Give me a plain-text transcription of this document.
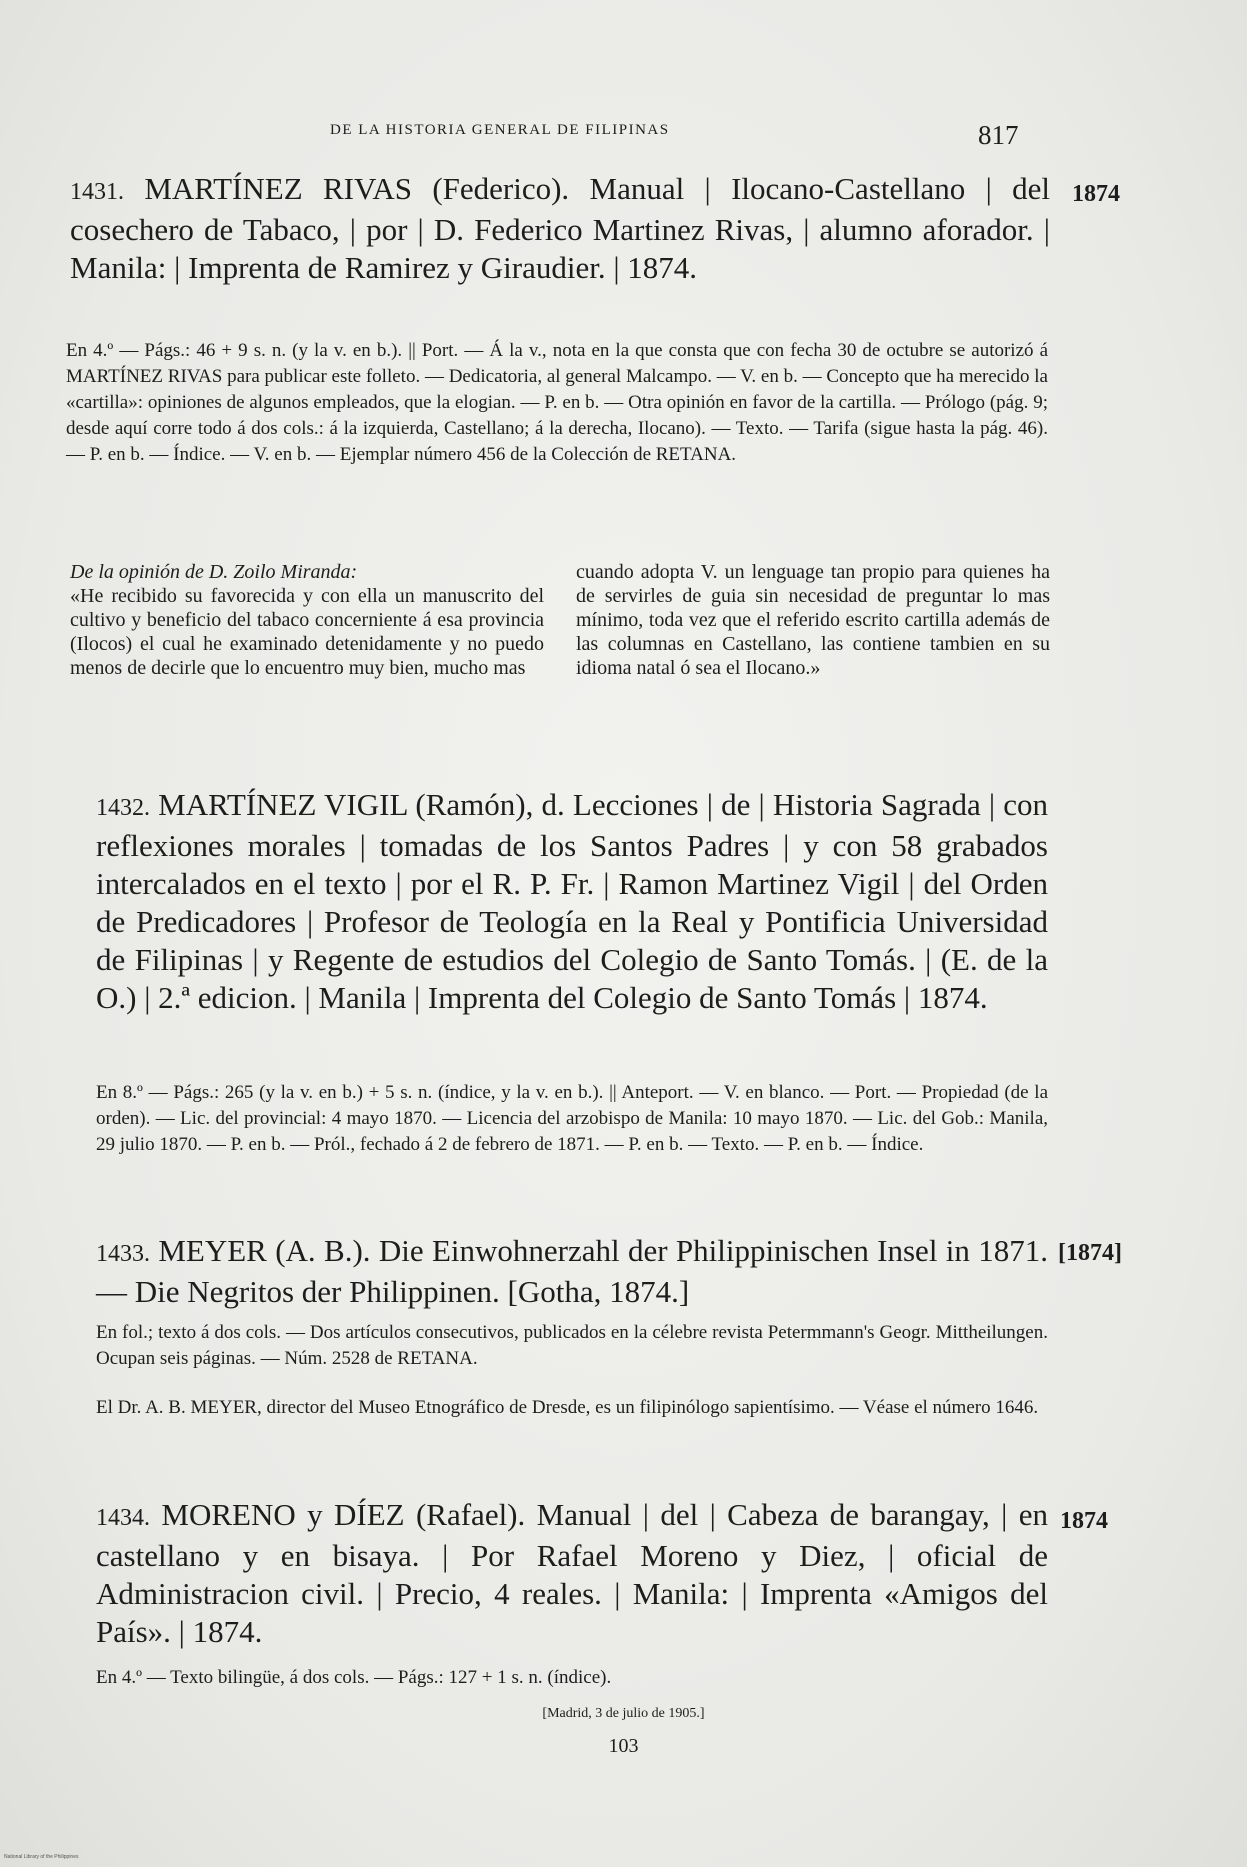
DE LA HISTORIA GENERAL DE FILIPINAS	817
1874
1431. MARTÍNEZ RIVAS (Federico). Manual | Ilocano-Castellano | del cosechero de Tabaco, | por | D. Federico Martinez Rivas, | alumno aforador. | Manila: | Imprenta de Ramirez y Giraudier. | 1874.
En 4.º — Págs.: 46 + 9 s. n. (y la v. en b.). || Port. — Á la v., nota en la que consta que con fecha 30 de octubre se autorizó á MARTÍNEZ RIVAS para publicar este folleto. — Dedicatoria, al general Malcampo. — V. en b. — Concepto que ha merecido la «cartilla»: opiniones de algunos empleados, que la elogian. — P. en b. — Otra opinión en favor de la cartilla. — Prólogo (pág. 9; desde aquí corre todo á dos cols.: á la izquierda, Castellano; á la derecha, Ilocano). — Texto. — Tarifa (sigue hasta la pág. 46). — P. en b. — Índice. — V. en b. — Ejemplar número 456 de la Colección de RETANA.
De la opinión de D. Zoilo Miranda:
«He recibido su favorecida y con ella un manuscrito del cultivo y beneficio del tabaco concerniente á esa provincia (Ilocos) el cual he examinado detenidamente y no puedo menos de decirle que lo encuentro muy bien, mucho mas
cuando adopta V. un lenguage tan propio para quienes ha de servirles de guia sin necesidad de preguntar lo mas mínimo, toda vez que el referido escrito cartilla además de las columnas en Castellano, las contiene tambien en su idioma natal ó sea el Ilocano.»
1432. MARTÍNEZ VIGIL (Ramón), d. Lecciones | de | Historia Sagrada | con reflexiones morales | tomadas de los Santos Padres | y con 58 grabados intercalados en el texto | por el R. P. Fr. | Ramon Martinez Vigil | del Orden de Predicadores | Profesor de Teología en la Real y Pontificia Universidad de Filipinas | y Regente de estudios del Colegio de Santo Tomás. | (E. de la O.) | 2.ª edicion. | Manila | Imprenta del Colegio de Santo Tomás | 1874.
En 8.º — Págs.: 265 (y la v. en b.) + 5 s. n. (índice, y la v. en b.). || Anteport. — V. en blanco. — Port. — Propiedad (de la orden). — Lic. del provincial: 4 mayo 1870. — Licencia del arzobispo de Manila: 10 mayo 1870. — Lic. del Gob.: Manila, 29 julio 1870. — P. en b. — Pról., fechado á 2 de febrero de 1871. — P. en b. — Texto. — P. en b. — Índice.
[1874]
1433. MEYER (A. B.). Die Einwohnerzahl der Philippinischen Insel in 1871. — Die Negritos der Philippinen. [Gotha, 1874.]
En fol.; texto á dos cols. — Dos artículos consecutivos, publicados en la célebre revista Petermmann's Geogr. Mittheilungen. Ocupan seis páginas. — Núm. 2528 de RETANA.
El Dr. A. B. MEYER, director del Museo Etnográfico de Dresde, es un filipinólogo sapientísimo. — Véase el número 1646.
1874
1434. MORENO y DÍEZ (Rafael). Manual | del | Cabeza de barangay, | en castellano y en bisaya. | Por Rafael Moreno y Diez, | oficial de Administracion civil. | Precio, 4 reales. | Manila: | Imprenta «Amigos del País». | 1874.
En 4.º — Texto bilingüe, á dos cols. — Págs.: 127 + 1 s. n. (índice).
[Madrid, 3 de julio de 1905.]
103
National Library of the Philippines
